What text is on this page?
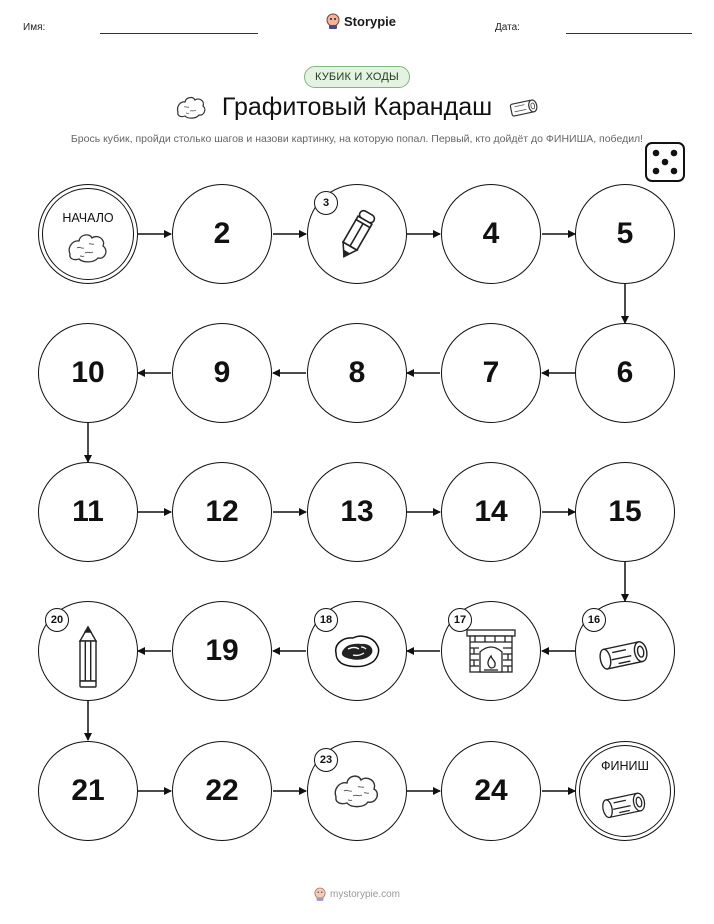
Имя:	Storypie	Дата:
КУБИК И ХОДЫ
Графитовый Карандаш
Брось кубик, пройди столько шагов и назови картинку, на которую попал. Первый, кто дойдёт до ФИНИША, победил!
НАЧАЛО	2
3
4	5
10	9	8	7	6
11	12	13	14	15
20
19
18	17	16
21	22
23
24
ФИНИШ
mystorypie.com
